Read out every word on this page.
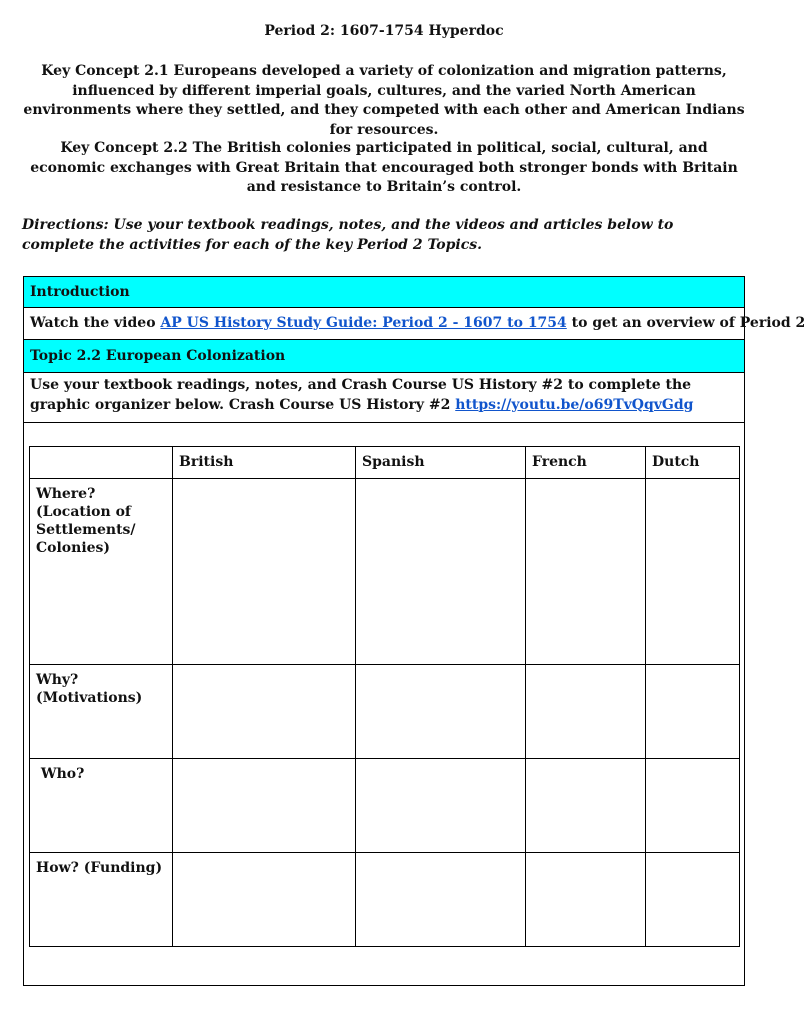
Period 2: 1607-1754 Hyperdoc

Key Concept 2.1 Europeans developed a variety of colonization and migration patterns, influenced by different imperial goals, cultures, and the varied North American environments where they settled, and they competed with each other and American Indians for resources.

Key Concept 2.2 The British colonies participated in political, social, cultural, and economic exchanges with Great Britain that encouraged both stronger bonds with Britain and resistance to Britain’s control.

Directions: Use your textbook readings, notes, and the videos and articles below to complete the activities for each of the key Period 2 Topics.

Introduction
Watch the video AP US History Study Guide: Period 2 - 1607 to 1754 to get an overview of Period 2
Topic 2.2 European Colonization
Use your textbook readings, notes, and Crash Course US History #2 to complete the graphic organizer below. Crash Course US History #2 https://youtu.be/o69TvQqvGdg
	British	Spanish	French	Dutch
Where? (Location of Settlements/ Colonies)				
Why? (Motivations)				
Who?				
How? (Funding)				
